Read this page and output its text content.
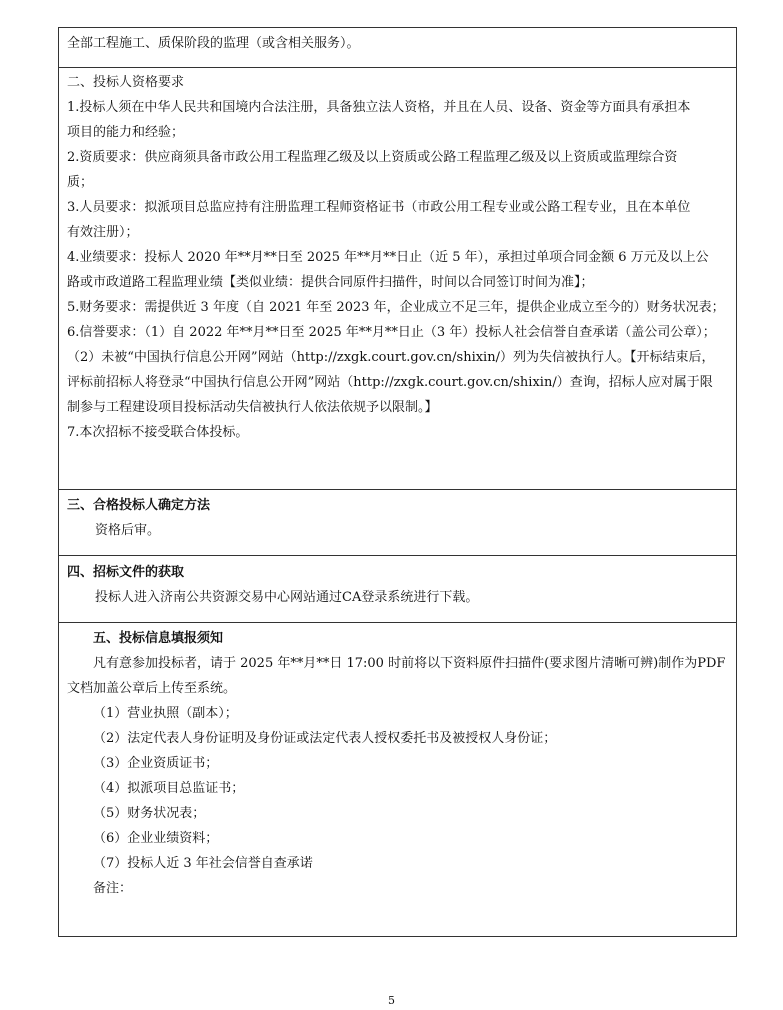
全部工程施工、质保阶段的监理（或含相关服务）。
二、投标人资格要求
1.投标人须在中华人民共和国境内合法注册，具备独立法人资格，并且在人员、设备、资金等方面具有承担本
项目的能力和经验；
2.资质要求：供应商须具备市政公用工程监理乙级及以上资质或公路工程监理乙级及以上资质或监理综合资
质；
3.人员要求：拟派项目总监应持有注册监理工程师资格证书（市政公用工程专业或公路工程专业，且在本单位
有效注册）；
4.业绩要求：投标人 2020 年**月**日至 2025 年**月**日止（近 5 年），承担过单项合同金额 6 万元及以上公
路或市政道路工程监理业绩【类似业绩：提供合同原件扫描件，时间以合同签订时间为准】；
5.财务要求：需提供近 3 年度（自 2021 年至 2023 年，企业成立不足三年，提供企业成立至今的）财务状况表；
6.信誉要求：（1）自 2022 年**月**日至 2025 年**月**日止（3 年）投标人社会信誉自查承诺（盖公司公章）；
（2）未被“中国执行信息公开网”网站（http://zxgk.court.gov.cn/shixin/）列为失信被执行人。【开标结束后，
评标前招标人将登录“中国执行信息公开网”网站（http://zxgk.court.gov.cn/shixin/）查询，招标人应对属于限
制参与工程建设项目投标活动失信被执行人依法依规予以限制。】
7.本次招标不接受联合体投标。
三、合格投标人确定方法
资格后审。
四、招标文件的获取
投标人进入济南公共资源交易中心网站通过CA登录系统进行下载。
五、投标信息填报须知
凡有意参加投标者，请于 2025 年**月**日 17:00 时前将以下资料原件扫描件(要求图片清晰可辨)制作为PDF
文档加盖公章后上传至系统。
（1）营业执照（副本）；
（2）法定代表人身份证明及身份证或法定代表人授权委托书及被授权人身份证；
（3）企业资质证书；
（4）拟派项目总监证书；
（5）财务状况表；
（6）企业业绩资料；
（7）投标人近 3 年社会信誉自查承诺
备注：
5
